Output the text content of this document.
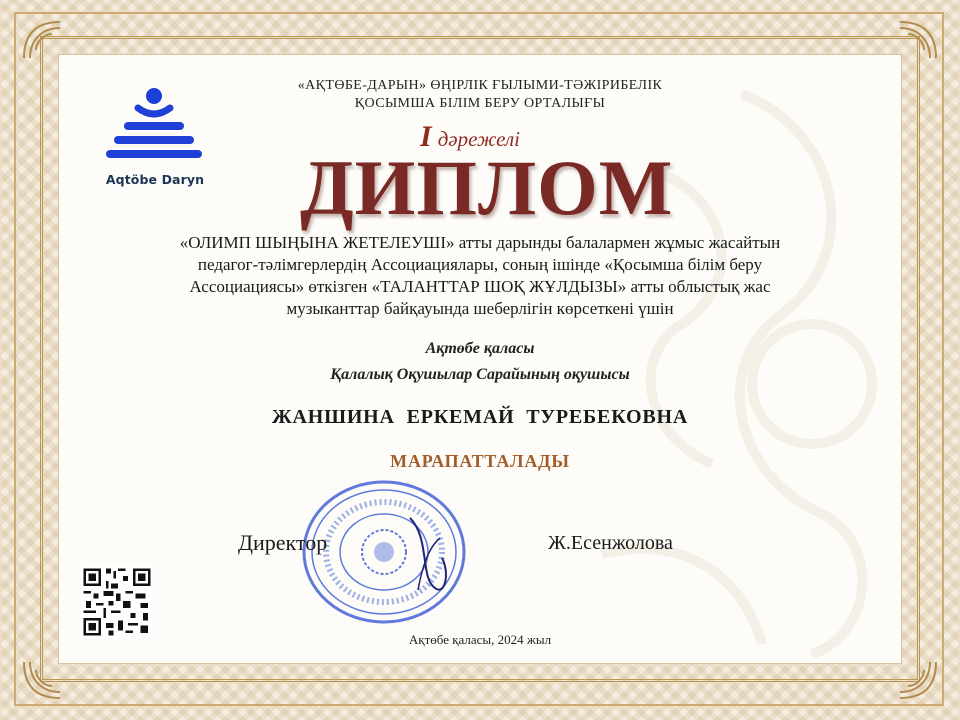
Aqtöbe Daryn
«АҚТӨБЕ-ДАРЫН» ӨҢІРЛІК ҒЫЛЫМИ-ТӘЖІРИБЕЛІК
ҚОСЫМША БІЛІМ БЕРУ ОРТАЛЫҒЫ
I дәрежелі
ДИПЛОМ
«ОЛИМП ШЫҢЫНА ЖЕТЕЛЕУШІ» атты дарынды балалармен жұмыс жасайтын
педагог-тәлімгерлердің Ассоциациялары, соның ішінде «Қосымша білім беру
Ассоциациясы» өткізген «ТАЛАНТТАР ШОҚ ЖҰЛДЫЗЫ» атты облыстық жас
музыканттар байқауында шеберлігін көрсеткені үшін
Ақтөбе қаласы
Қалалық Оқушылар Сарайының оқушысы
ЖАНШИНА ЕРКЕМАЙ ТУРЕБЕКОВНА
МАРАПАТТАЛАДЫ
Директор	Ж.Есенжолова
Ақтөбе қаласы, 2024 жыл
